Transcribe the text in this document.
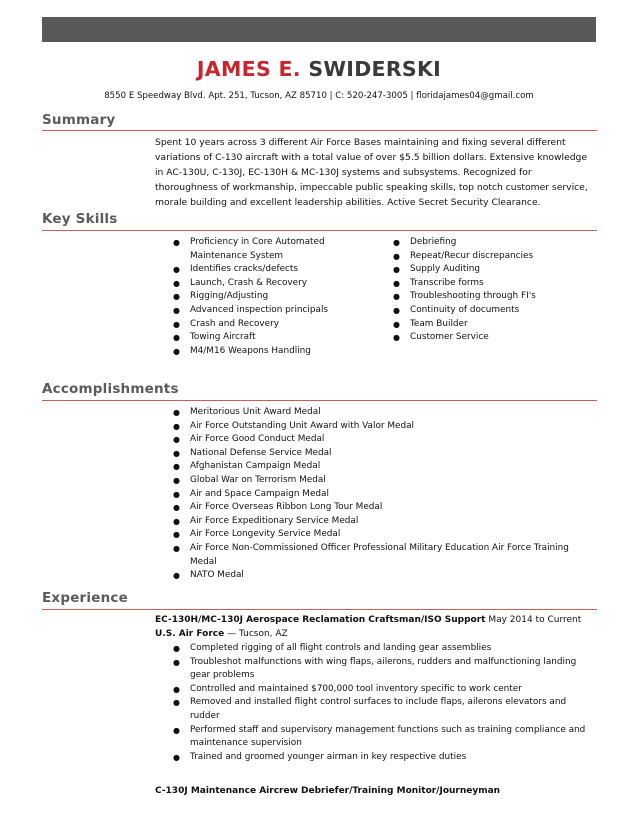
JAMES E. SWIDERSKI
8550 E Speedway Blvd. Apt. 251, Tucson, AZ 85710 | C: 520-247-3005 | floridajames04@gmail.com
Summary

Spent 10 years across 3 different Air Force Bases maintaining and fixing several different variations of C-130 aircraft with a total value of over $5.5 billion dollars. Extensive knowledge in AC-130U, C-130J, EC-130H & MC-130J systems and subsystems. Recognized for thoroughness of workmanship, impeccable public speaking skills, top notch customer service, morale building and excellent leadership abilities. Active Secret Security Clearance.

Key Skills
● Proficiency in Core Automated Maintenance System
● Identifies cracks/defects
● Launch, Crash & Recovery
● Rigging/Adjusting
● Advanced inspection principals
● Crash and Recovery
● Towing Aircraft
● M4/M16 Weapons Handling
● Debriefing
● Repeat/Recur discrepancies
● Supply Auditing
● Transcribe forms
● Troubleshooting through FI's
● Continuity of documents
● Team Builder
● Customer Service
Accomplishments
● Meritorious Unit Award Medal
● Air Force Outstanding Unit Award with Valor Medal
● Air Force Good Conduct Medal
● National Defense Service Medal
● Afghanistan Campaign Medal
● Global War on Terrorism Medal
● Air and Space Campaign Medal
● Air Force Overseas Ribbon Long Tour Medal
● Air Force Expeditionary Service Medal
● Air Force Longevity Service Medal
● Air Force Non-Commissioned Officer Professional Military Education Air Force Training Medal
● NATO Medal
Experience
EC-130H/MC-130J Aerospace Reclamation Craftsman/ISO Support May 2014 to Current
U.S. Air Force — Tucson, AZ
● Completed rigging of all flight controls and landing gear assemblies
● Troubleshot malfunctions with wing flaps, ailerons, rudders and malfunctioning landing gear problems
● Controlled and maintained $700,000 tool inventory specific to work center
● Removed and installed flight control surfaces to include flaps, ailerons elevators and rudder
● Performed staff and supervisory management functions such as training compliance and maintenance supervision
● Trained and groomed younger airman in key respective duties
C-130J Maintenance Aircrew Debriefer/Training Monitor/Journeyman
